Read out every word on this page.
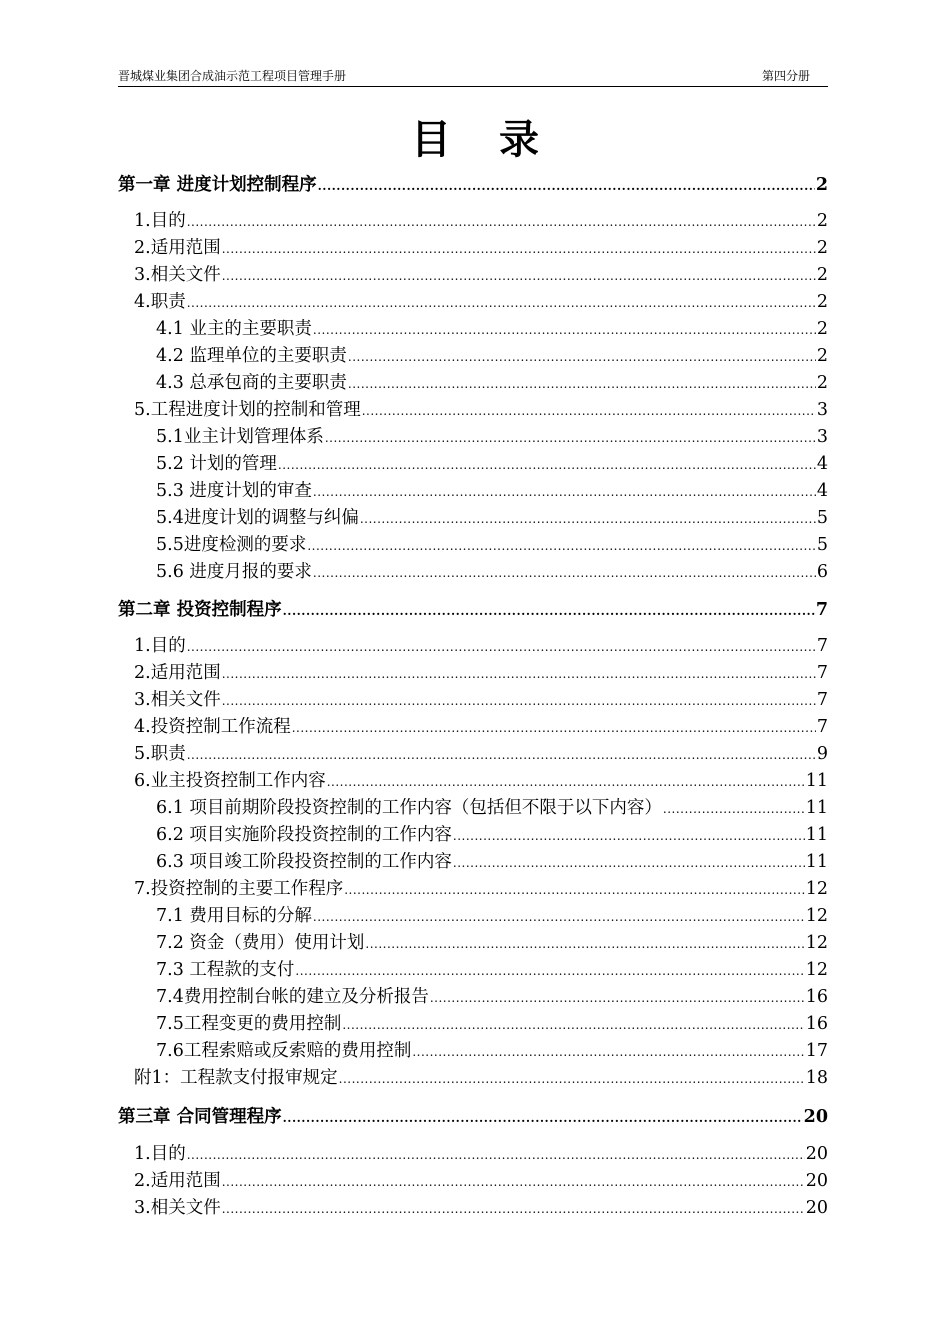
晋城煤业集团合成油示范工程项目管理手册	第四分册
目录
第一章 进度计划控制程序 .....	2
1.目的 .....	2
2.适用范围 .....	2
3.相关文件 .....	2
4.职责 .....	2
4.1 业主的主要职责 .....	2
4.2 监理单位的主要职责 .....	2
4.3 总承包商的主要职责 .....	2
5.工程进度计划的控制和管理 .....	3
5.1业主计划管理体系 .....	3
5.2 计划的管理 .....	4
5.3 进度计划的审查 .....	4
5.4进度计划的调整与纠偏 .....	5
5.5进度检测的要求 .....	5
5.6 进度月报的要求 .....	6
第二章 投资控制程序 .....	7
1.目的 .....	7
2.适用范围 .....	7
3.相关文件 .....	7
4.投资控制工作流程 .....	7
5.职责 .....	9
6.业主投资控制工作内容 .....	11
6.1 项目前期阶段投资控制的工作内容（包括但不限于以下内容） .....	11
6.2 项目实施阶段投资控制的工作内容 .....	11
6.3 项目竣工阶段投资控制的工作内容 .....	11
7.投资控制的主要工作程序 .....	12
7.1 费用目标的分解 .....	12
7.2 资金（费用）使用计划 .....	12
7.3 工程款的支付 .....	12
7.4费用控制台帐的建立及分析报告 .....	16
7.5工程变更的费用控制 .....	16
7.6工程索赔或反索赔的费用控制 .....	17
附1：工程款支付报审规定 .....	18
第三章 合同管理程序 .....	20
1.目的 .....	20
2.适用范围 .....	20
3.相关文件 .....	20
